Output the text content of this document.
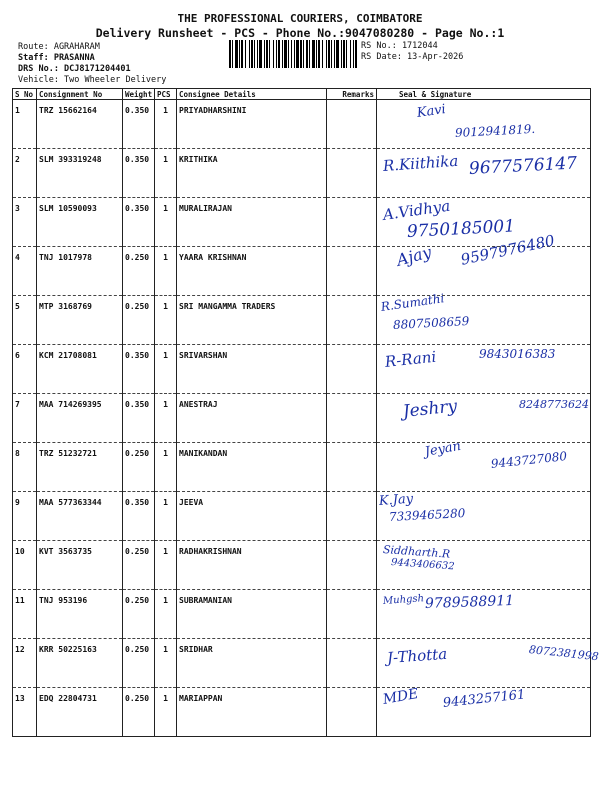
THE PROFESSIONAL COURIERS, COIMBATORE
Delivery Runsheet - PCS - Phone No.:9047080280 - Page No.:1
Route: AGRAHARAM
Staff: PRASANNA
DRS No.: DCJ8171204401
Vehicle: Two Wheeler Delivery
RS No.: 1712044
RS Date: 13-Apr-2026
S No	Consignment No	Weight	PCS	Consignee Details	Remarks	Seal & Signature
1	TRZ 15662164	0.350	1	PRIYADHARSHINI		Kavi
9012941819.

2	SLM 393319248	0.350	1	KRITHIKA		R.Kiithika 9677576147

3	SLM 10590093	0.350	1	MURALIRAJAN		A.Vidhya
9750185001

4	TNJ 1017978	0.250	1	YAARA KRISHNAN		Ajay 9597976480

5	MTP 3168769	0.250	1	SRI MANGAMMA TRADERS		R.Sumathi
8807508659

6	KCM 21708081	0.350	1	SRIVARSHAN		R-Rani 9843016383

7	MAA 714269395	0.350	1	ANESTRAJ		Jeshry 8248773624

8	TRZ 51232721	0.250	1	MANIKANDAN		Jeyan 9443727080

9	MAA 577363344	0.350	1	JEEVA		K.Jay
7339465280

10	KVT 3563735	0.250	1	RADHAKRISHNAN		Siddharth.R
9443406632

11	TNJ 953196	0.250	1	SUBRAMANIAN		Muhgsh 9789588911

12	KRR 50225163	0.250	1	SRIDHAR		J-Thotta 8072381998

13	EDQ 22804731	0.250	1	MARIAPPAN		MDE 9443257161
